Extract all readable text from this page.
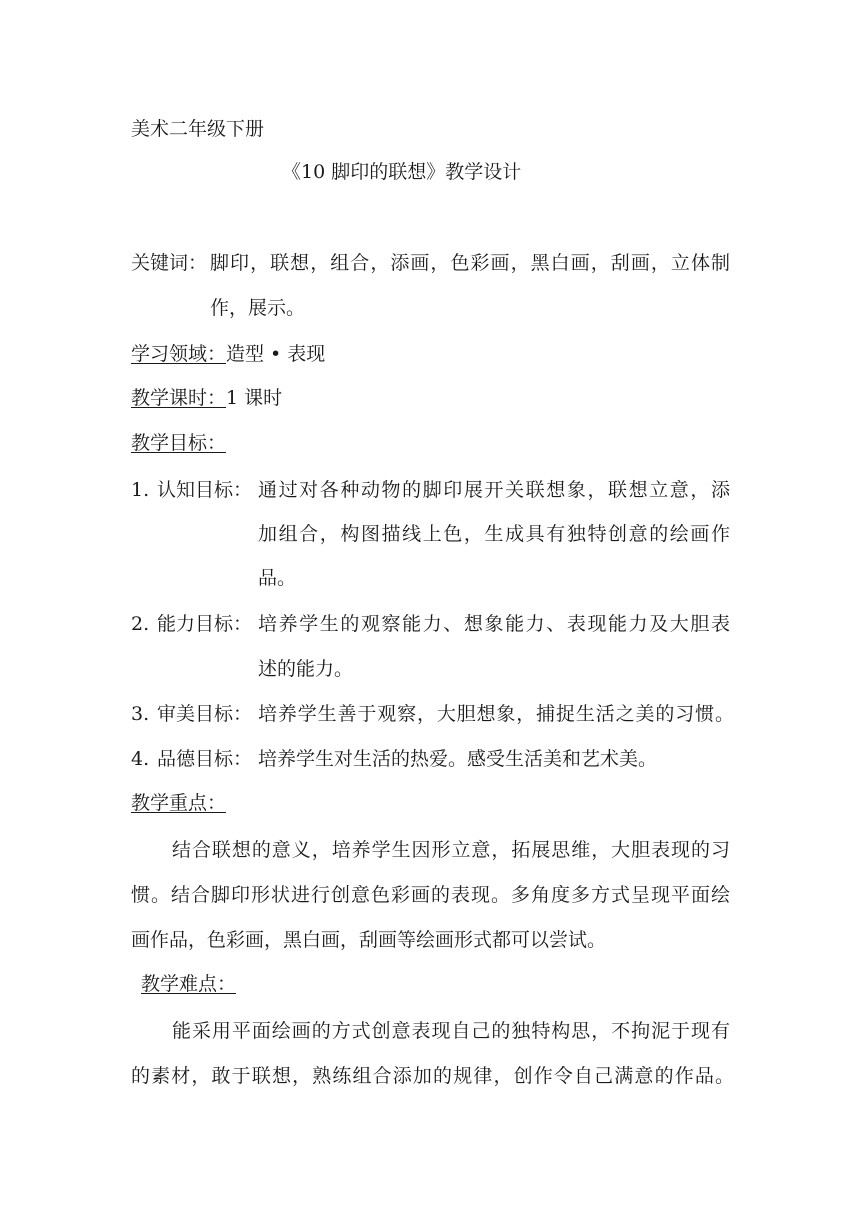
美术二年级下册
《10 脚印的联想》教学设计
关键词： 脚印，联想，组合，添画，色彩画，黑白画，刮画，立体制
作，展示。
学习领域：造型 • 表现
教学课时：1 课时
教学目标：
1. 认知目标： 通过对各种动物的脚印展开关联想象，联想立意，添
加组合，构图描线上色，生成具有独特创意的绘画作
品。
2. 能力目标： 培养学生的观察能力、想象能力、表现能力及大胆表
述的能力。
3. 审美目标： 培养学生善于观察，大胆想象，捕捉生活之美的习惯。
4. 品德目标： 培养学生对生活的热爱。感受生活美和艺术美。
教学重点：
结合联想的意义，培养学生因形立意，拓展思维，大胆表现的习
惯。结合脚印形状进行创意色彩画的表现。多角度多方式呈现平面绘
画作品，色彩画，黑白画，刮画等绘画形式都可以尝试。
教学难点：
能采用平面绘画的方式创意表现自己的独特构思，不拘泥于现有
的素材，敢于联想，熟练组合添加的规律，创作令自己满意的作品。
